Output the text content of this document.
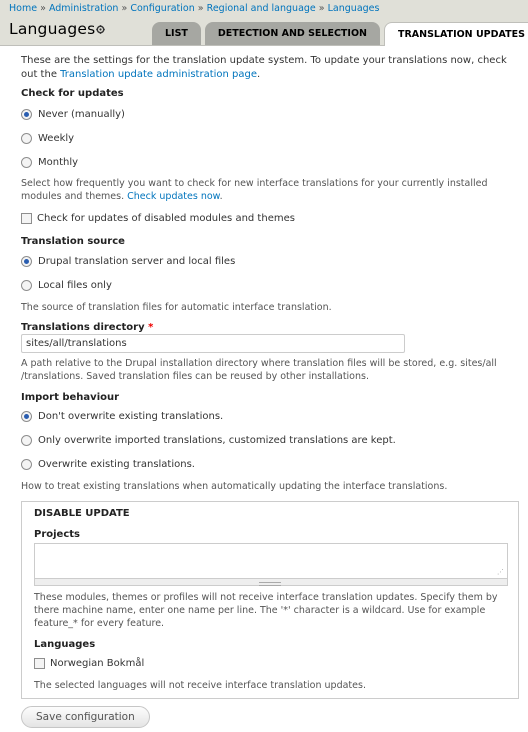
Home » Administration » Configuration » Regional and language » Languages
Languages	LIST	DETECTION AND SELECTION	TRANSLATION UPDATES

These are the settings for the translation update system. To update your translations now, check out the Translation update administration page.

Check for updates
Never (manually)
Weekly
Monthly

Select how frequently you want to check for new interface translations for your currently installed modules and themes. Check updates now.

Check for updates of disabled modules and themes
Translation source
Drupal translation server and local files
Local files only

The source of translation files for automatic interface translation.

Translations directory *
sites/all/translations

A path relative to the Drupal installation directory where translation files will be stored, e.g. sites/all /translations. Saved translation files can be reused by other installations.

Import behaviour
Don't overwrite existing translations.
Only overwrite imported translations, customized translations are kept.
Overwrite existing translations.

How to treat existing translations when automatically updating the interface translations.

DISABLE UPDATE
Projects
⋰

These modules, themes or profiles will not receive interface translation updates. Specify them by there machine name, enter one name per line. The '*' character is a wildcard. Use for example feature_* for every feature.

Languages
Norwegian Bokmål

The selected languages will not receive interface translation updates.

Save configuration
